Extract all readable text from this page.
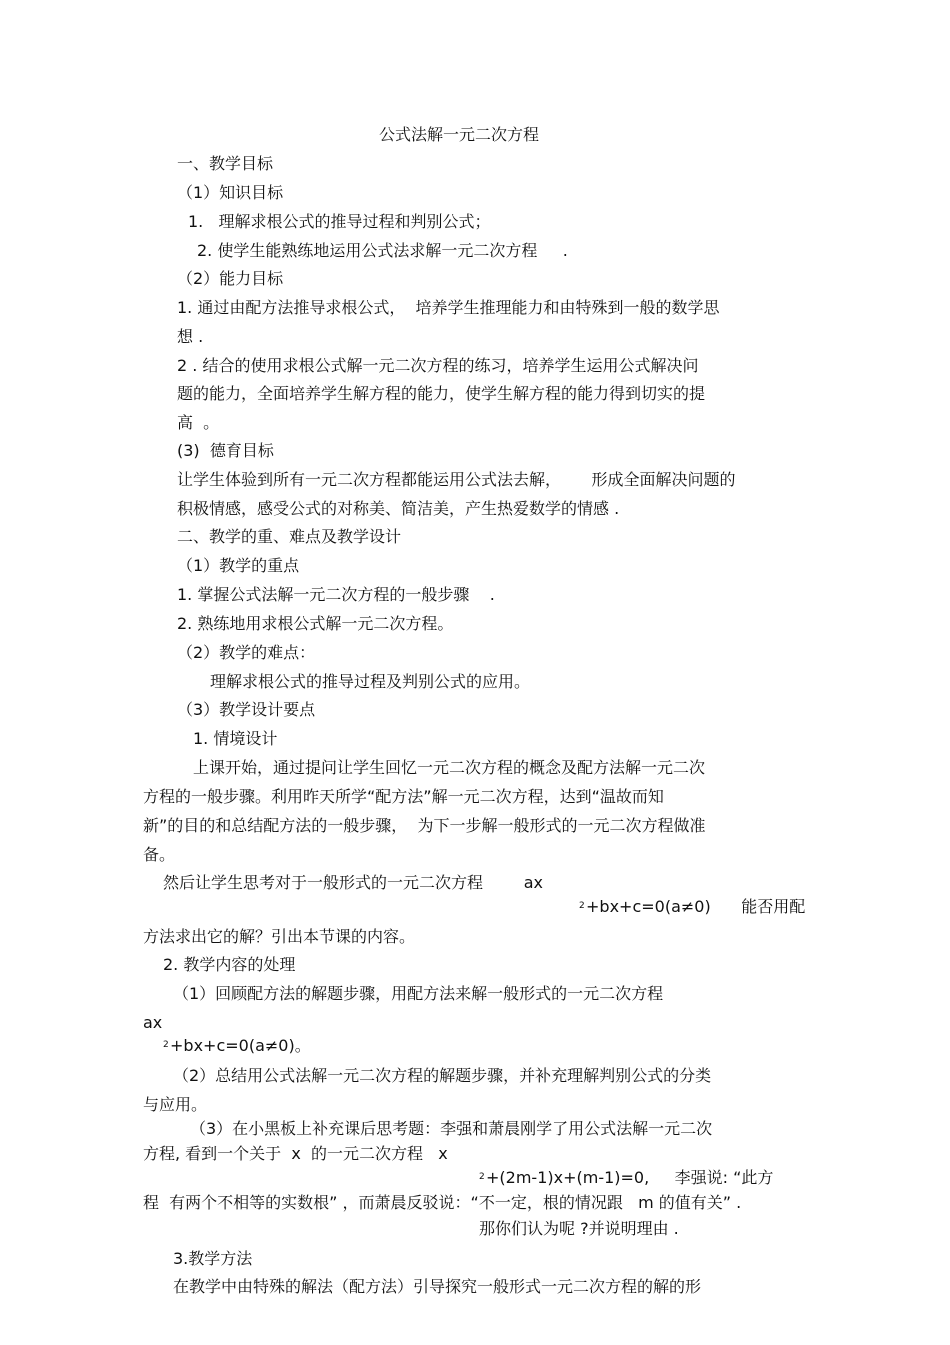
公式法解一元二次方程
一、教学目标
（1）知识目标
1.   理解求根公式的推导过程和判别公式；
2. 使学生能熟练地运用公式法求解一元二次方程     .
（2）能力目标
1. 通过由配方法推导求根公式，  培养学生推理能力和由特殊到一般的数学思
想 .
2 . 结合的使用求根公式解一元二次方程的练习，培养学生运用公式解决问
题的能力，全面培养学生解方程的能力，使学生解方程的能力得到切实的提
高  。
(3)  德育目标
让学生体验到所有一元二次方程都能运用公式法去解，      形成全面解决问题的
积极情感，感受公式的对称美、简洁美，产生热爱数学的情感 .
二、教学的重、难点及教学设计
（1）教学的重点
1. 掌握公式法解一元二次方程的一般步骤    .
2. 熟练地用求根公式解一元二次方程。
（2）教学的难点：
理解求根公式的推导过程及判别公式的应用。
（3）教学设计要点
1. 情境设计
上课开始，通过提问让学生回忆一元二次方程的概念及配方法解一元二次
方程的一般步骤。利用昨天所学“配方法”解一元二次方程，达到“温故而知
新”的目的和总结配方法的一般步骤，  为下一步解一般形式的一元二次方程做准
备。
然后让学生思考对于一般形式的一元二次方程        ax
2 +bx+c=0(a≠0)      能否用配
方法求出它的解？引出本节课的内容。
2. 教学内容的处理
（1）回顾配方法的解题步骤，用配方法来解一般形式的一元二次方程
ax
2 +bx+c=0(a≠0)。
（2）总结用公式法解一元二次方程的解题步骤，并补充理解判别公式的分类
与应用。
（3）在小黑板上补充课后思考题：李强和萧晨刚学了用公式法解一元二次
方程, 看到一个关于  x  的一元二次方程   x
2 +(2m-1)x+(m-1)=0,     李强说: “此方
程  有两个不相等的实数根” ，而萧晨反驳说：“不一定，根的情况跟   m 的值有关” .
那你们认为呢 ?并说明理由 .
3.教学方法
在教学中由特殊的解法（配方法）引导探究一般形式一元二次方程的解的形
